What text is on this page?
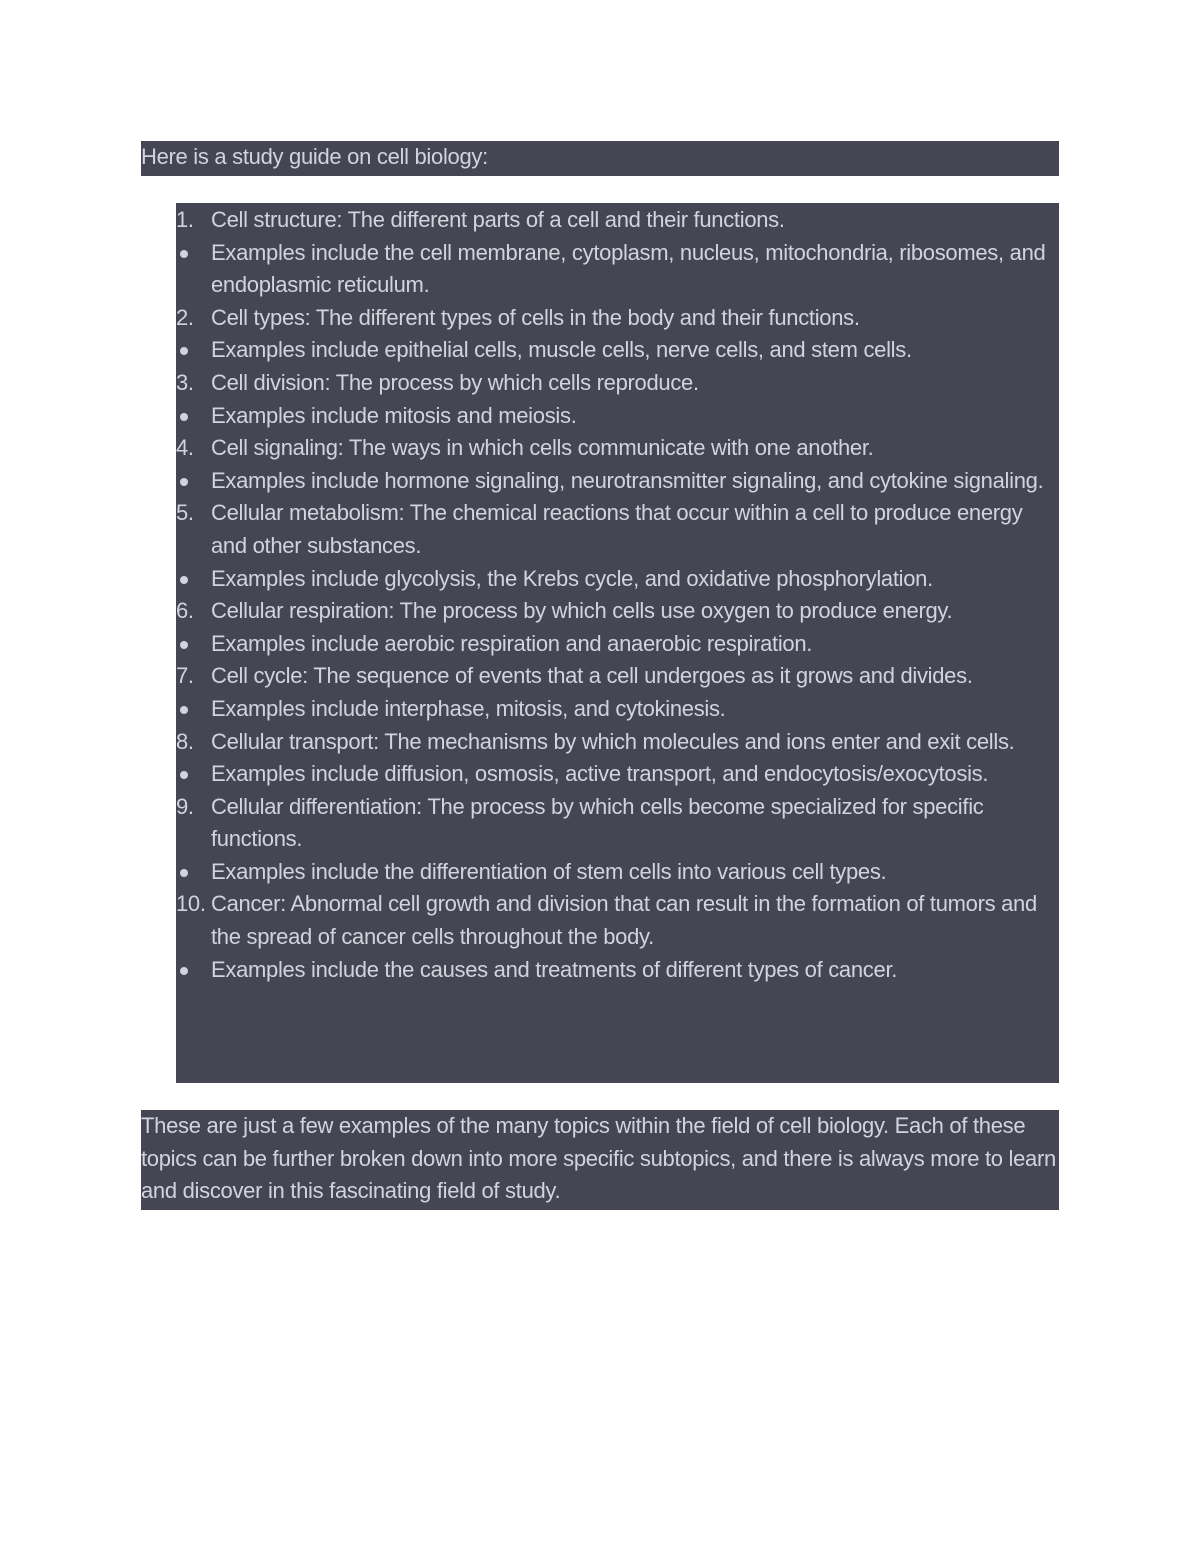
Here is a study guide on cell biology:
1. Cell structure: The different parts of a cell and their functions.
Examples include the cell membrane, cytoplasm, nucleus, mitochondria, ribosomes, and endoplasmic reticulum.
2. Cell types: The different types of cells in the body and their functions.
Examples include epithelial cells, muscle cells, nerve cells, and stem cells.
3. Cell division: The process by which cells reproduce.
Examples include mitosis and meiosis.
4. Cell signaling: The ways in which cells communicate with one another.
Examples include hormone signaling, neurotransmitter signaling, and cytokine signaling.
5. Cellular metabolism: The chemical reactions that occur within a cell to produce energy and other substances.
Examples include glycolysis, the Krebs cycle, and oxidative phosphorylation.
6. Cellular respiration: The process by which cells use oxygen to produce energy.
Examples include aerobic respiration and anaerobic respiration.
7. Cell cycle: The sequence of events that a cell undergoes as it grows and divides.
Examples include interphase, mitosis, and cytokinesis.
8. Cellular transport: The mechanisms by which molecules and ions enter and exit cells.
Examples include diffusion, osmosis, active transport, and endocytosis/exocytosis.
9. Cellular differentiation: The process by which cells become specialized for specific functions.
Examples include the differentiation of stem cells into various cell types.
10. Cancer: Abnormal cell growth and division that can result in the formation of tumors and the spread of cancer cells throughout the body.
Examples include the causes and treatments of different types of cancer.
These are just a few examples of the many topics within the field of cell biology. Each of these topics can be further broken down into more specific subtopics, and there is always more to learn and discover in this fascinating field of study.
